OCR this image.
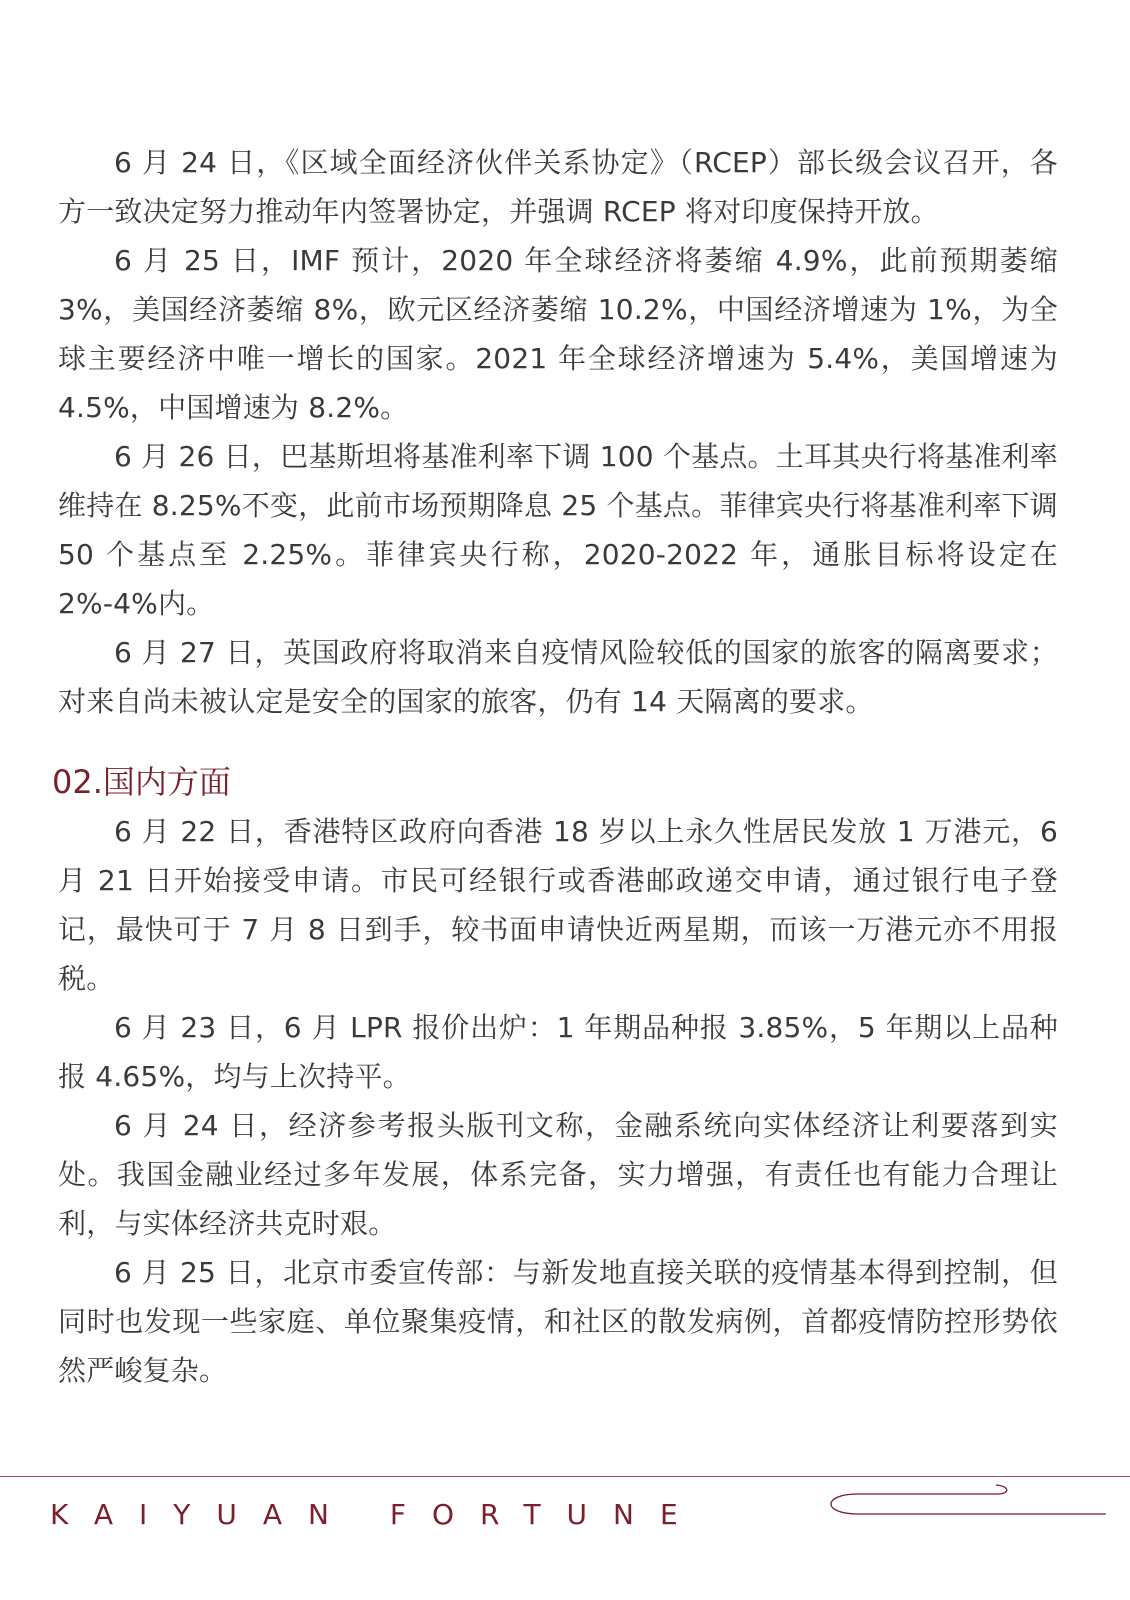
6 月 24 日，《区域全面经济伙伴关系协定》（RCEP）部长级会议召开，各方一致决定努力推动年内签署协定，并强调 RCEP 将对印度保持开放。

6 月 25 日，IMF 预计，2020 年全球经济将萎缩 4.9%，此前预期萎缩 3%，美国经济萎缩 8%，欧元区经济萎缩 10.2%，中国经济增速为 1%，为全球主要经济中唯一增长的国家。2021 年全球经济增速为 5.4%，美国增速为 4.5%，中国增速为 8.2%。

6 月 26 日，巴基斯坦将基准利率下调 100 个基点。土耳其央行将基准利率维持在 8.25%不变，此前市场预期降息 25 个基点。菲律宾央行将基准利率下调 50 个基点至 2.25%。菲律宾央行称，2020-2022 年，通胀目标将设定在 2%-4%内。

6 月 27 日，英国政府将取消来自疫情风险较低的国家的旅客的隔离要求；对来自尚未被认定是安全的国家的旅客，仍有 14 天隔离的要求。

02.国内方面

6 月 22 日，香港特区政府向香港 18 岁以上永久性居民发放 1 万港元，6 月 21 日开始接受申请。市民可经银行或香港邮政递交申请，通过银行电子登记，最快可于 7 月 8 日到手，较书面申请快近两星期，而该一万港元亦不用报税。

6 月 23 日，6 月 LPR 报价出炉：1 年期品种报 3.85%，5 年期以上品种报 4.65%，均与上次持平。

6 月 24 日，经济参考报头版刊文称，金融系统向实体经济让利要落到实处。我国金融业经过多年发展，体系完备，实力增强，有责任也有能力合理让利，与实体经济共克时艰。

6 月 25 日，北京市委宣传部：与新发地直接关联的疫情基本得到控制，但同时也发现一些家庭、单位聚集疫情，和社区的散发病例，首都疫情防控形势依然严峻复杂。

KAIYUAN FORTUNE
